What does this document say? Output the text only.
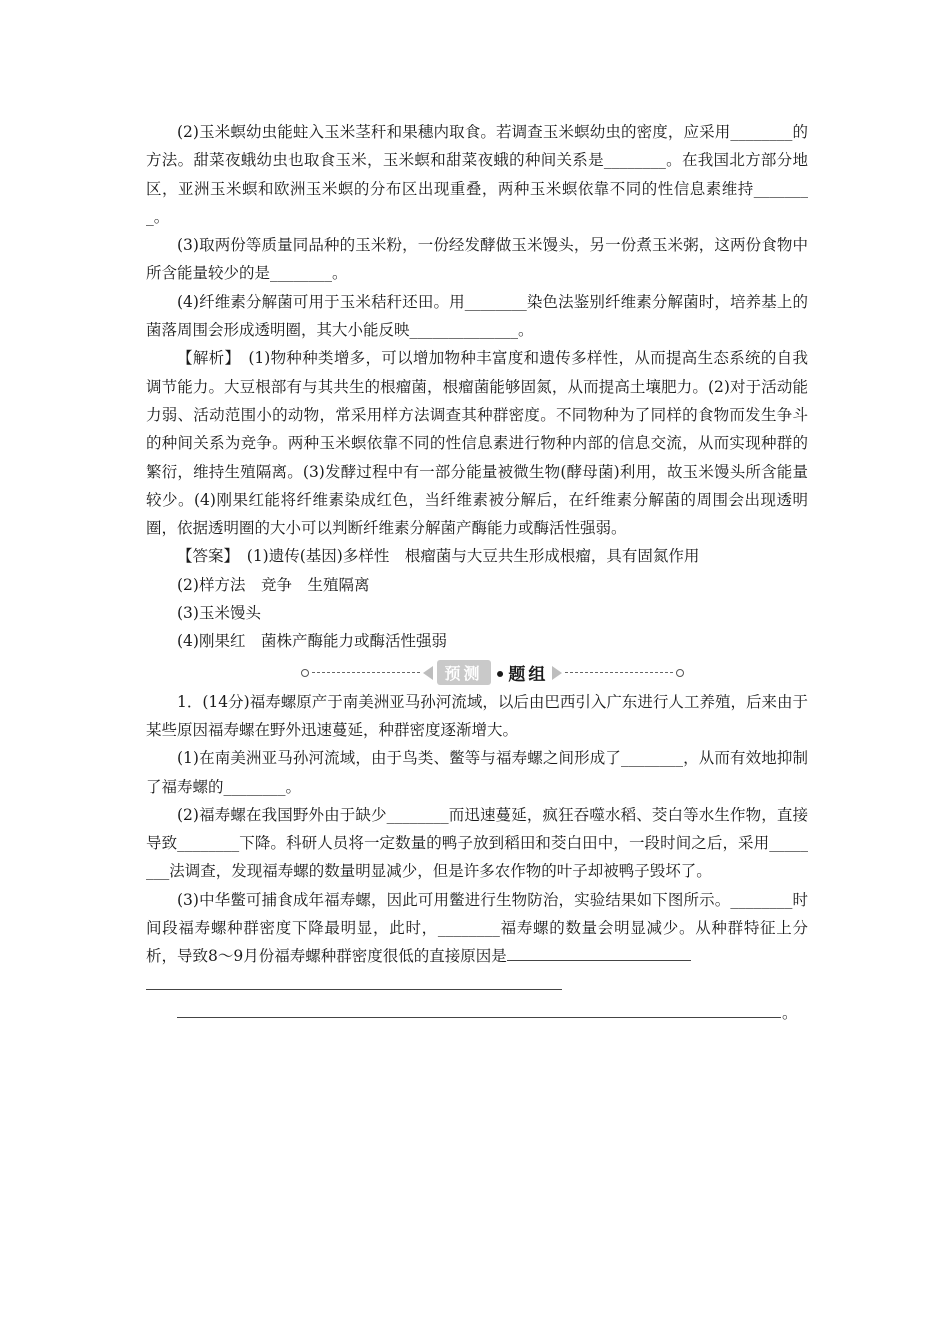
(2)玉米螟幼虫能蛀入玉米茎秆和果穗内取食。若调查玉米螟幼虫的密度，应采用________的方法。甜菜夜蛾幼虫也取食玉米，玉米螟和甜菜夜蛾的种间关系是________。在我国北方部分地区，亚洲玉米螟和欧洲玉米螟的分布区出现重叠，两种玉米螟依靠不同的性信息素维持________。

(3)取两份等质量同品种的玉米粉，一份经发酵做玉米馒头，另一份煮玉米粥，这两份食物中所含能量较少的是________。

(4)纤维素分解菌可用于玉米秸秆还田。用________染色法鉴别纤维素分解菌时，培养基上的菌落周围会形成透明圈，其大小能反映______________。

【解析】　(1)物种种类增多，可以增加物种丰富度和遗传多样性，从而提高生态系统的自我调节能力。大豆根部有与其共生的根瘤菌，根瘤菌能够固氮，从而提高土壤肥力。(2)对于活动能力弱、活动范围小的动物，常采用样方法调查其种群密度。不同物种为了同样的食物而发生争斗的种间关系为竞争。两种玉米螟依靠不同的性信息素进行物种内部的信息交流，从而实现种群的繁衍，维持生殖隔离。(3)发酵过程中有一部分能量被微生物(酵母菌)利用，故玉米馒头所含能量较少。(4)刚果红能将纤维素染成红色，当纤维素被分解后，在纤维素分解菌的周围会出现透明圈，依据透明圈的大小可以判断纤维素分解菌产酶能力或酶活性强弱。

【答案】　(1)遗传(基因)多样性　根瘤菌与大豆共生形成根瘤，具有固氮作用

(2)样方法　竞争　生殖隔离

(3)玉米馒头

(4)刚果红　菌株产酶能力或酶活性强弱

预测 •题组

1．(14分)福寿螺原产于南美洲亚马孙河流域，以后由巴西引入广东进行人工养殖，后来由于某些原因福寿螺在野外迅速蔓延，种群密度逐渐增大。

(1)在南美洲亚马孙河流域，由于鸟类、鳖等与福寿螺之间形成了________，从而有效地抑制了福寿螺的________。

(2)福寿螺在我国野外由于缺少________而迅速蔓延，疯狂吞噬水稻、茭白等水生作物，直接导致________下降。科研人员将一定数量的鸭子放到稻田和茭白田中，一段时间之后，采用________法调查，发现福寿螺的数量明显减少，但是许多农作物的叶子却被鸭子毁坏了。

(3)中华鳖可捕食成年福寿螺，因此可用鳖进行生物防治，实验结果如下图所示。________时间段福寿螺种群密度下降最明显，此时，________福寿螺的数量会明显减少。从种群特征上分析，导致8～9月份福寿螺种群密度很低的直接原因是

。
